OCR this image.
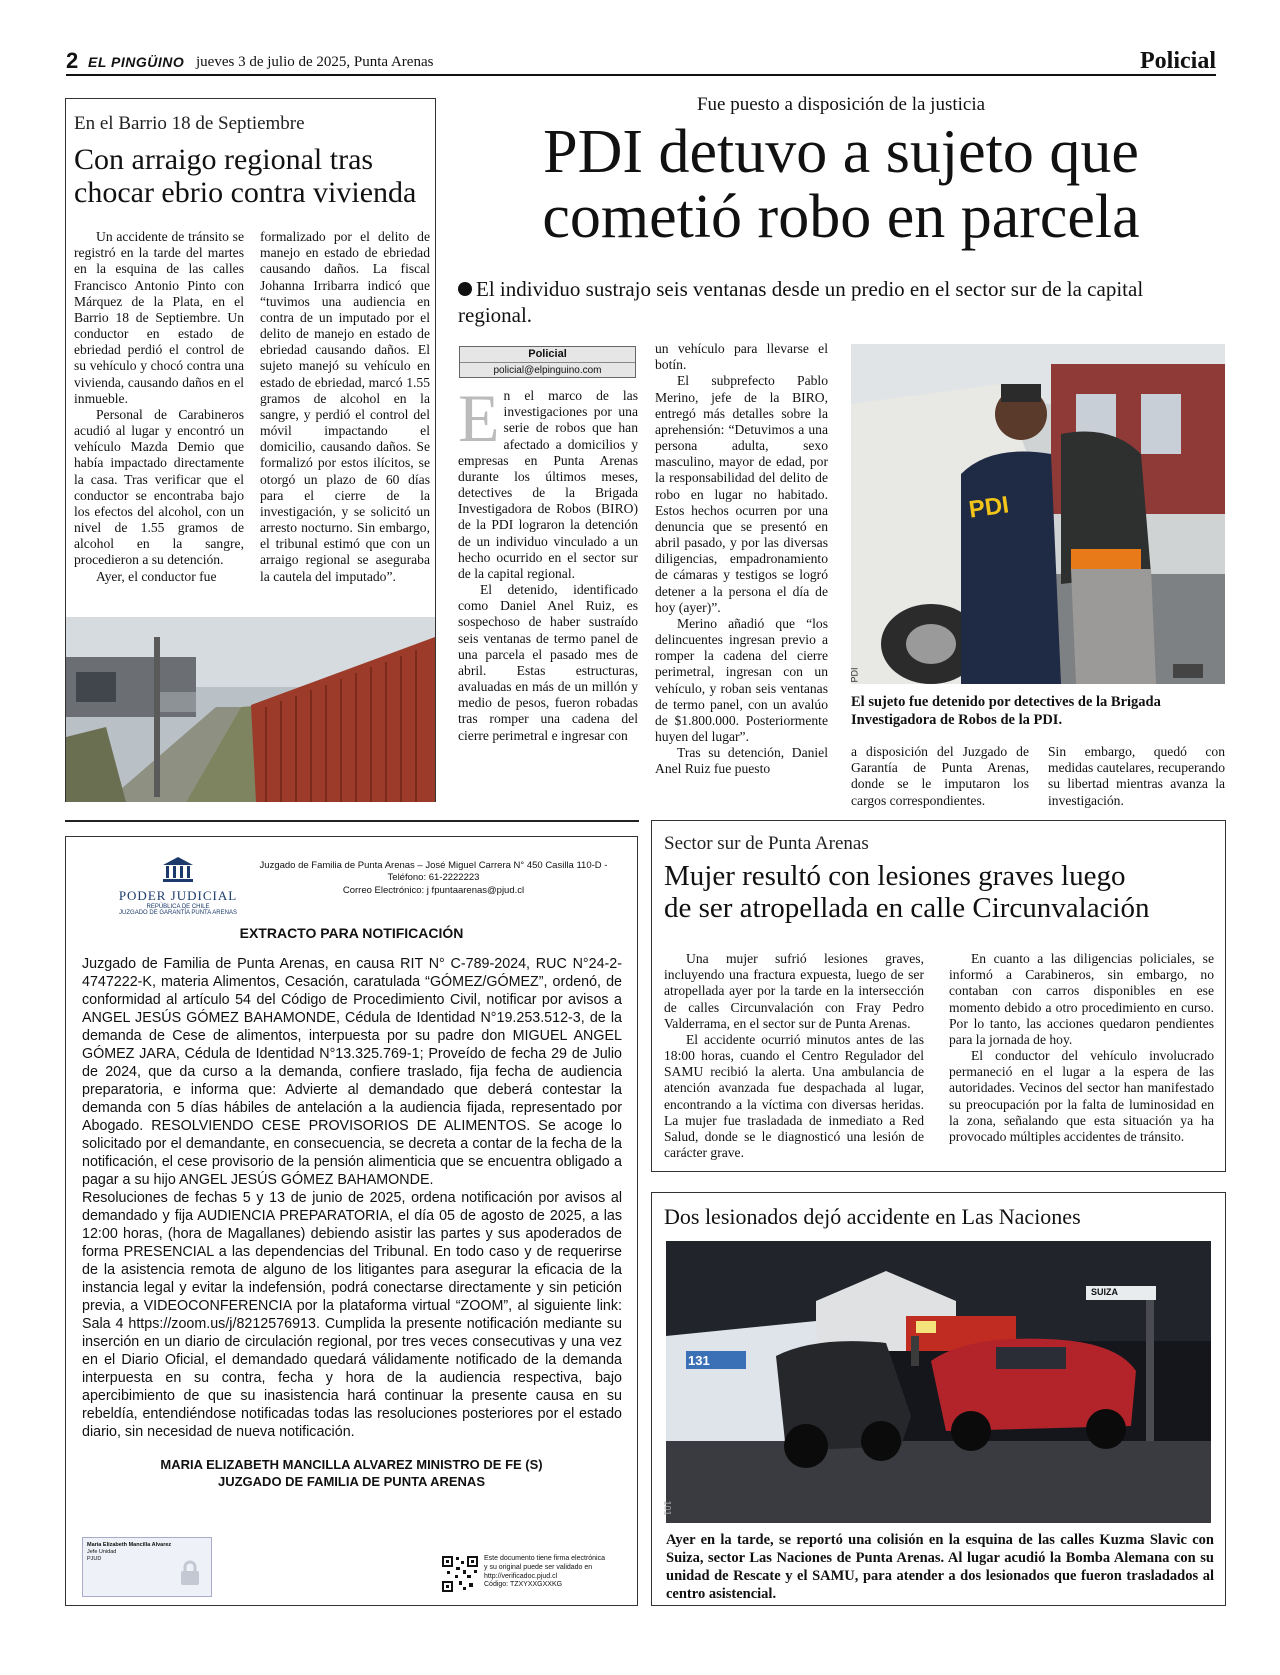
2 EL PINGÜINO jueves 3 de julio de 2025, Punta Arenas	Policial
En el Barrio 18 de Septiembre
Con arraigo regional tras
chocar ebrio contra vivienda

Un accidente de tránsito se registró en la tarde del martes en la esquina de las calles Francisco Antonio Pinto con Márquez de la Plata, en el Barrio 18 de Septiembre. Un conductor en estado de ebriedad perdió el control de su vehículo y chocó contra una vivienda, causando daños en el inmueble.

Personal de Carabineros acudió al lugar y encontró un vehículo Mazda Demio que había impactado directamente la casa. Tras verificar que el conductor se encontraba bajo los efectos del alcohol, con un nivel de 1.55 gramos de alcohol en la sangre, procedieron a su detención.

Ayer, el conductor fue

formalizado por el delito de manejo en estado de ebriedad causando daños. La fiscal Johanna Irribarra indicó que “tuvimos una audiencia en contra de un imputado por el delito de manejo en estado de ebriedad causando daños. El sujeto manejó su vehículo en estado de ebriedad, marcó 1.55 gramos de alcohol en la sangre, y perdió el control del móvil impactando el domicilio, causando daños. Se formalizó por estos ilícitos, se otorgó un plazo de 60 días para el cierre de la investigación, y se solicitó un arresto nocturno. Sin embargo, el tribunal estimó que con un arraigo regional se aseguraba la cautela del imputado”.

Fue puesto a disposición de la justicia
PDI detuvo a sujeto que
cometió robo en parcela
El individuo sustrajo seis ventanas desde un predio en el sector sur de la capital regional.
Policial
policial@elpinguino.com
E n el marco de las investigaciones por una serie de robos que han afectado a domicilios y empresas en Punta Arenas durante los últimos meses, detectives de la Brigada Investigadora de Robos (BIRO) de la PDI lograron la detención de un individuo vinculado a un hecho ocurrido en el sector sur de la capital regional.

El detenido, identificado como Daniel Anel Ruiz, es sospechoso de haber sustraído seis ventanas de termo panel de una parcela el pasado mes de abril. Estas estructuras, avaluadas en más de un millón y medio de pesos, fueron robadas tras romper una cadena del cierre perimetral e ingresar con

un vehículo para llevarse el botín.

El subprefecto Pablo Merino, jefe de la BIRO, entregó más detalles sobre la aprehensión: “Detuvimos a una persona adulta, sexo masculino, mayor de edad, por la responsabilidad del delito de robo en lugar no habitado. Estos hechos ocurren por una denuncia que se presentó en abril pasado, y por las diversas diligencias, empadronamiento de cámaras y testigos se logró detener a la persona el día de hoy (ayer)”.

Merino añadió que “los delincuentes ingresan previo a romper la cadena del cierre perimetral, ingresan con un vehículo, y roban seis ventanas de termo panel, con un avalúo de $1.800.000. Posteriormente huyen del lugar”.

Tras su detención, Daniel Anel Ruiz fue puesto

PDI
PDI
El sujeto fue detenido por detectives de la Brigada Investigadora de Robos de la PDI.

a disposición del Juzgado de Garantía de Punta Arenas, donde se le imputaron los cargos correspondientes.

Sin embargo, quedó con medidas cautelares, recuperando su libertad mientras avanza la investigación.

PODER JUDICIAL
REPÚBLICA DE CHILE
JUZGADO DE GARANTÍA PUNTA ARENAS
Juzgado de Familia de Punta Arenas – José Miguel Carrera N° 450 Casilla 110-D -
Teléfono: 61-2222223
Correo Electrónico: j fpuntaarenas@pjud.cl
EXTRACTO PARA NOTIFICACIÓN
Juzgado de Familia de Punta Arenas, en causa RIT N° C-789-2024, RUC N°24-2-4747222-K, materia Alimentos, Cesación, caratulada “GÓMEZ/GÓMEZ”, ordenó, de conformidad al artículo 54 del Código de Procedimiento Civil, notificar por avisos a ANGEL JESÚS GÓMEZ BAHAMONDE, Cédula de Identidad N°19.253.512-3, de la demanda de Cese de alimentos, interpuesta por su padre don MIGUEL ANGEL GÓMEZ JARA, Cédula de Identidad N°13.325.769-1; Proveído de fecha 29 de Julio de 2024, que da curso a la demanda, confiere traslado, fija fecha de audiencia preparatoria, e informa que: Advierte al demandado que deberá contestar la demanda con 5 días hábiles de antelación a la audiencia fijada, representado por Abogado. RESOLVIENDO CESE PROVISORIOS DE ALIMENTOS. Se acoge lo solicitado por el demandante, en consecuencia, se decreta a contar de la fecha de la notificación, el cese provisorio de la pensión alimenticia que se encuentra obligado a pagar a su hijo ANGEL JESÚS GÓMEZ BAHAMONDE.
Resoluciones de fechas 5 y 13 de junio de 2025, ordena notificación por avisos al demandado y fija AUDIENCIA PREPARATORIA, el día 05 de agosto de 2025, a las 12:00 horas, (hora de Magallanes) debiendo asistir las partes y sus apoderados de forma PRESENCIAL a las dependencias del Tribunal. En todo caso y de requerirse de la asistencia remota de alguno de los litigantes para asegurar la eficacia de la instancia legal y evitar la indefensión, podrá conectarse directamente y sin petición previa, a VIDEOCONFERENCIA por la plataforma virtual “ZOOM”, al siguiente link: Sala 4 https://zoom.us/j/8212576913. Cumplida la presente notificación mediante su inserción en un diario de circulación regional, por tres veces consecutivas y una vez en el Diario Oficial, el demandado quedará válidamente notificado de la demanda interpuesta en su contra, fecha y hora de la audiencia respectiva, bajo apercibimiento de que su inasistencia hará continuar la presente causa en su rebeldía, entendiéndose notificadas todas las resoluciones posteriores por el estado diario, sin necesidad de nueva notificación.
MARIA ELIZABETH MANCILLA ALVAREZ MINISTRO DE FE (S)
JUZGADO DE FAMILIA DE PUNTA ARENAS
Maria Elizabeth Mancilla Alvarez
Jefe Unidad
PJUD	Este documento tiene firma electrónica
y su original puede ser validado en
http://verificadoc.pjud.cl
Código: TZXYXXGXXKG
Sector sur de Punta Arenas
Mujer resultó con lesiones graves luego
de ser atropellada en calle Circunvalación

Una mujer sufrió lesiones graves, incluyendo una fractura expuesta, luego de ser atropellada ayer por la tarde en la intersección de calles Circunvalación con Fray Pedro Valderrama, en el sector sur de Punta Arenas.

El accidente ocurrió minutos antes de las 18:00 horas, cuando el Centro Regulador del SAMU recibió la alerta. Una ambulancia de atención avanzada fue despachada al lugar, encontrando a la víctima con diversas heridas. La mujer fue trasladada de inmediato a Red Salud, donde se le diagnosticó una lesión de carácter grave.

En cuanto a las diligencias policiales, se informó a Carabineros, sin embargo, no contaban con carros disponibles en ese momento debido a otro procedimiento en curso. Por lo tanto, las acciones quedaron pendientes para la jornada de hoy.

El conductor del vehículo involucrado permaneció en el lugar a la espera de las autoridades. Vecinos del sector han manifestado su preocupación por la falta de luminosidad en la zona, señalando que esta situación ya ha provocado múltiples accidentes de tránsito.

Dos lesionados dejó accidente en Las Naciones
131
SUIZA
101
Ayer en la tarde, se reportó una colisión en la esquina de las calles Kuzma Slavic con Suiza, sector Las Naciones de Punta Arenas. Al lugar acudió la Bomba Alemana con su unidad de Rescate y el SAMU, para atender a dos lesionados que fueron trasladados al centro asistencial.
